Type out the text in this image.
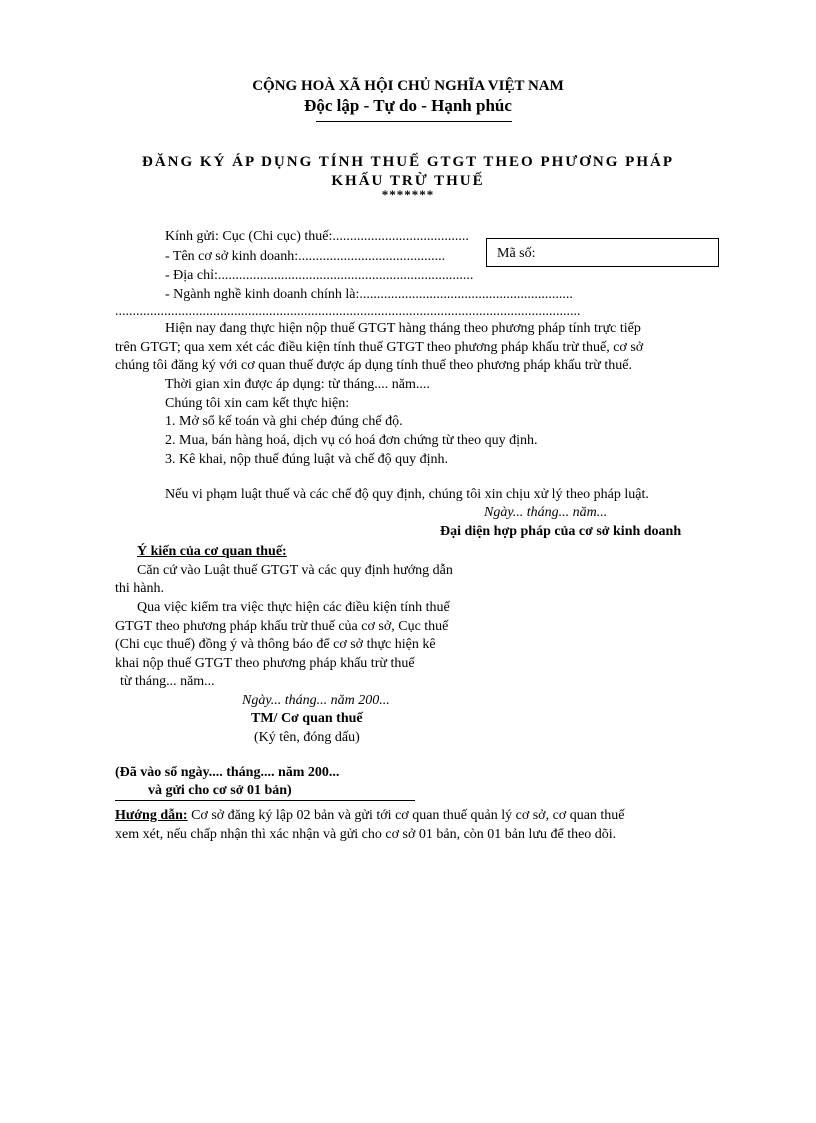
CỘNG HOÀ XÃ HỘI CHỦ NGHĨA VIỆT NAM
Độc lập - Tự do - Hạnh phúc
ĐĂNG KÝ ÁP DỤNG TÍNH THUẾ GTGT THEO PHƯƠNG PHÁP
KHẤU TRỪ THUẾ
*******
Kính gửi: Cục (Chi cục) thuế:.......................................
- Tên cơ sở kinh doanh:..........................................	Mã số:
- Địa chỉ:.........................................................................
- Ngành nghề kinh doanh chính là:.............................................................
.....................................................................................................................................
Hiện nay đang thực hiện nộp thuế GTGT hàng tháng theo phương pháp tính trực tiếp
trên GTGT; qua xem xét các điều kiện tính thuế GTGT theo phương pháp khấu trừ thuế, cơ sở
chúng tôi đăng ký với cơ quan thuế được áp dụng tính thuế theo phương pháp khấu trừ thuế.
Thời gian xin được áp dụng: từ tháng.... năm....
Chúng tôi xin cam kết thực hiện:
1. Mở sổ kế toán và ghi chép đúng chế độ.
2. Mua, bán hàng hoá, dịch vụ có hoá đơn chứng từ theo quy định.
3. Kê khai, nộp thuế đúng luật và chế độ quy định.
Nếu vi phạm luật thuế và các chế độ quy định, chúng tôi xin chịu xử lý theo pháp luật.
Ngày... tháng... năm...
Đại diện hợp pháp của cơ sở kinh doanh
Ý kiến của cơ quan thuế:
Căn cứ vào Luật thuế GTGT và các quy định hướng dẫn
thi hành.
Qua việc kiểm tra việc thực hiện các điều kiện tính thuế
GTGT theo phương pháp khấu trừ thuế của cơ sở, Cục thuế
(Chi cục thuế) đồng ý và thông báo để cơ sở thực hiện kê
khai nộp thuế GTGT theo phương pháp khấu trừ thuế
từ tháng... năm...
Ngày... tháng... năm 200...
TM/ Cơ quan thuế
(Ký tên, đóng dấu)
(Đã vào sổ ngày.... tháng.... năm 200...
và gửi cho cơ sở 01 bản)
Hướng dẫn: Cơ sở đăng ký lập 02 bản và gửi tới cơ quan thuế quản lý cơ sở, cơ quan thuế
xem xét, nếu chấp nhận thì xác nhận và gửi cho cơ sở 01 bản, còn 01 bản lưu để theo dõi.
